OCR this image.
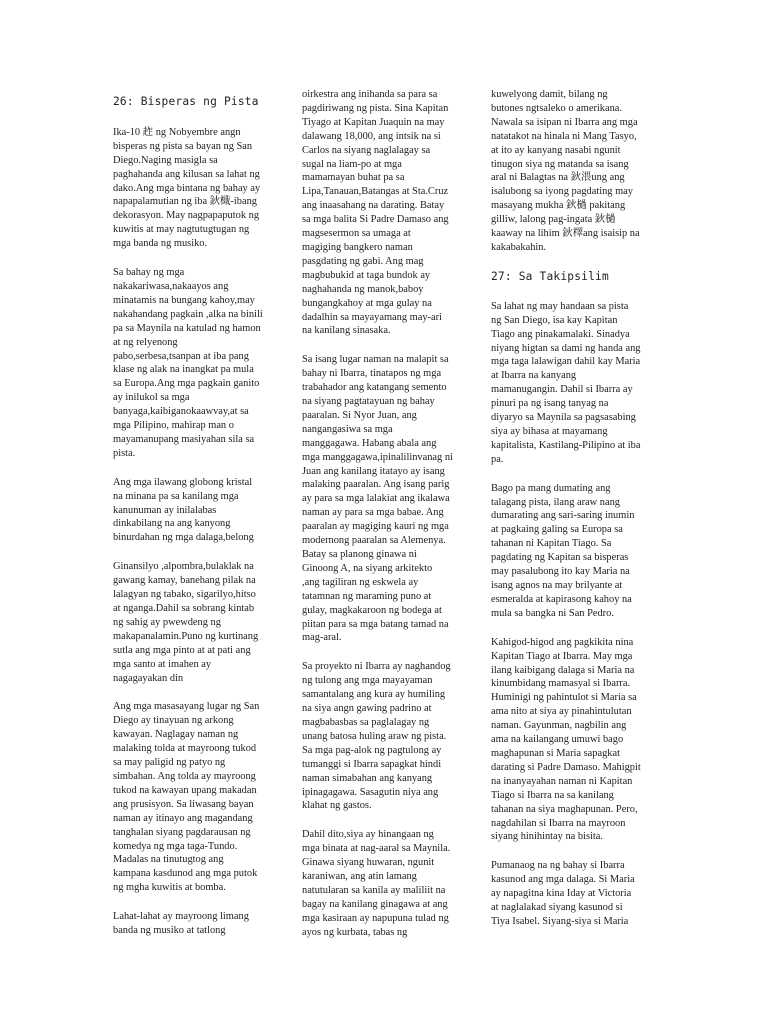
26: Bisperas ng Pista

Ika-10 䞢 ng Nobyembre angn
bisperas ng pista sa bayan ng San
Diego.Naging masigla sa
paghahanda ang kilusan sa lahat ng
dako.Ang mga bintana ng bahay ay
napapalamutian ng iba 鈥檝-ibang
dekorasyon. May nagpapaputok ng
kuwitis at may nagtutugtugan ng
mga banda ng musiko.

Sa bahay ng mga
nakakariwasa,nakaayos ang
minatamis na bungang kahoy,may
nakahandang pagkain ,alka na binili
pa sa Maynila na katulad ng hamon
at ng relyenong
pabo,serbesa,tsanpan at iba pang
klase ng alak na inangkat pa mula
sa Europa.Ang mga pagkain ganito
ay inilukol sa mga
banyaga,kaibiganokaawvay,at sa
mga Pilipino, mahirap man o
mayamanupang masiyahan sila sa
pista.

Ang mga ilawang globong kristal
na minana pa sa kanilang mga
kanunuman ay inilalabas
dinkabilang na ang kanyong
binurdahan ng mga dalaga,belong

Ginansilyo ,alpombra,bulaklak na
gawang kamay, banehang pilak na
lalagyan ng tabako, sigarilyo,hitso
at nganga.Dahil sa sobrang kintab
ng sahig ay pwewdeng ng
makapanalamin.Puno ng kurtinang
sutla ang mga pinto at at pati ang
mga santo at imahen ay
nagagayakan din

Ang mga masasayang lugar ng San
Diego ay tinayuan ng arkong
kawayan. Naglagay naman ng
malaking tolda at mayroong tukod
sa may paligid ng patyo ng
simbahan. Ang tolda ay mayroong
tukod na kawayan upang makadan
ang prusisyon. Sa liwasang bayan
naman ay itinayo ang magandang
tanghalan siyang pagdarausan ng
komedya ng mga taga-Tundo.
Madalas na tinutugtog ang
kampana kasdunod ang mga putok
ng mgha kuwitis at bomba.

Lahat-lahat ay mayroong limang
banda ng musiko at tatlong

oirkestra ang inihanda sa para sa
pagdiriwang ng pista. Sina Kapitan
Tiyago at Kapitan Juaquin na may
dalawang 18,000, ang intsik na si
Carlos na siyang naglalagay sa
sugal na liam-po at mga
mamamayan buhat pa sa
Lipa,Tanauan,Batangas at Sta.Cruz
ang inaasahang na darating. Batay
sa mga balita Si Padre Damaso ang
magsesermon sa umaga at
magiging bangkero naman
pasgdating ng gabi. Ang mag
magbubukid at taga bundok ay
naghahanda ng manok,baboy
bungangkahoy at mga gulay na
dadalhin sa mayayamang may-ari
na kanilang sinasaka.

Sa isang lugar naman na malapit sa
bahay ni Ibarra, tinatapos ng mga
trabahador ang katangang semento
na siyang pagtatayuan ng bahay
paaralan. Si Nyor Juan, ang
nangangasiwa sa mga
manggagawa. Habang abala ang
mga manggagawa,ipinalilinvanag ni
Juan ang kanilang itatayo ay isang
malaking paaralan. Ang isang parig
ay para sa mga lalakiat ang ikalawa
naman ay para sa mga babae. Ang
paaralan ay magiging kauri ng mga
modernong paaralan sa Alemenya.
Batay sa planong ginawa ni
Ginoong A, na siyang arkitekto
,ang tagiliran ng eskwela ay
tatamnan ng maraming puno at
gulay, magkakaroon ng bodega at
piitan para sa mga batang tamad na
mag-aral.

Sa proyekto ni Ibarra ay naghandog
ng tulong ang mga mayayaman
samantalang ang kura ay humiling
na siya angn gawing padrino at
magbabasbas sa paglalagay ng
unang batosa huling araw ng pista.
Sa mga pag-alok ng pagtulong ay
tumanggi si Ibarra sapagkat hindi
naman simabahan ang kanyang
ipinagagawa. Sasagutin niya ang
klahat ng gastos.

Dahil dito,siya ay hinangaan ng
mga binata at nag-aaral sa Maynila.
Ginawa siyang huwaran, ngunit
karaniwan, ang atin lamang
natutularan sa kanila ay maliliit na
bagay na kanilang ginagawa at ang
mga kasiraan ay napupuna tulad ng
ayos ng kurbata, tabas ng

kuwelyong damit, bilang ng
butones ngtsaleko o amerikana.
Nawala sa isipan ni Ibarra ang mga
natatakot na hinala ni Mang Tasyo,
at ito ay kanyang nasabi ngunit
tinugon siya ng matanda sa isang
aral ni Balagtas na 鈥渨ung ang
isalubong sa iyong pagdating may
masayang mukha 鈥檛 pakitang
gilliw, lalong pag-ingata 鈥檛
kaaway na lihim 鈥檡ang isaisip na
kakabakahin.

27: Sa Takipsilim

Sa lahat ng may handaan sa pista
ng San Diego, isa kay Kapitan
Tiago ang pinakamalaki. Sinadya
niyang higtan sa dami ng handa ang
mga taga lalawigan dahil kay Maria
at Ibarra na kanyang
mamanugangin. Dahil si Ibarra ay
pinuri pa ng isang tanyag na
diyaryo sa Maynila sa pagsasabing
siya ay bihasa at mayamang
kapitalista, Kastilang-Pilipino at iba
pa.

Bago pa mang dumating ang
talagang pista, ilang araw nang
dumarating ang sari-saring inumin
at pagkaing galing sa Europa sa
tahanan ni Kapitan Tiago. Sa
pagdating ng Kapitan sa bisperas
may pasalubong ito kay Maria na
isang agnos na may brilyante at
esmeralda at kapirasong kahoy na
mula sa bangka ni San Pedro.

Kahigod-higod ang pagkikita nina
Kapitan Tiago at Ibarra. May mga
ilang kaibigang dalaga si Maria na
kinumbidang mamasyal si Ibarra.
Huminigi ng pahintulot si Maria sa
ama nito at siya ay pinahintulutan
naman. Gayunman, nagbilin ang
ama na kailangang umuwi bago
maghapunan si Maria sapagkat
darating si Padre Damaso. Mahigpit
na inanyayahan naman ni Kapitan
Tiago si Ibarra na sa kanilang
tahanan na siya maghapunan. Pero,
nagdahilan si Ibarra na mayroon
siyang hinihintay na bisita.

Pumanaog na ng bahay si Ibarra
kasunod ang mga dalaga. Si Maria
ay napagitna kina Iday at Victoria
at naglalakad siyang kasunod si
Tiya Isabel. Siyang-siya si Maria
